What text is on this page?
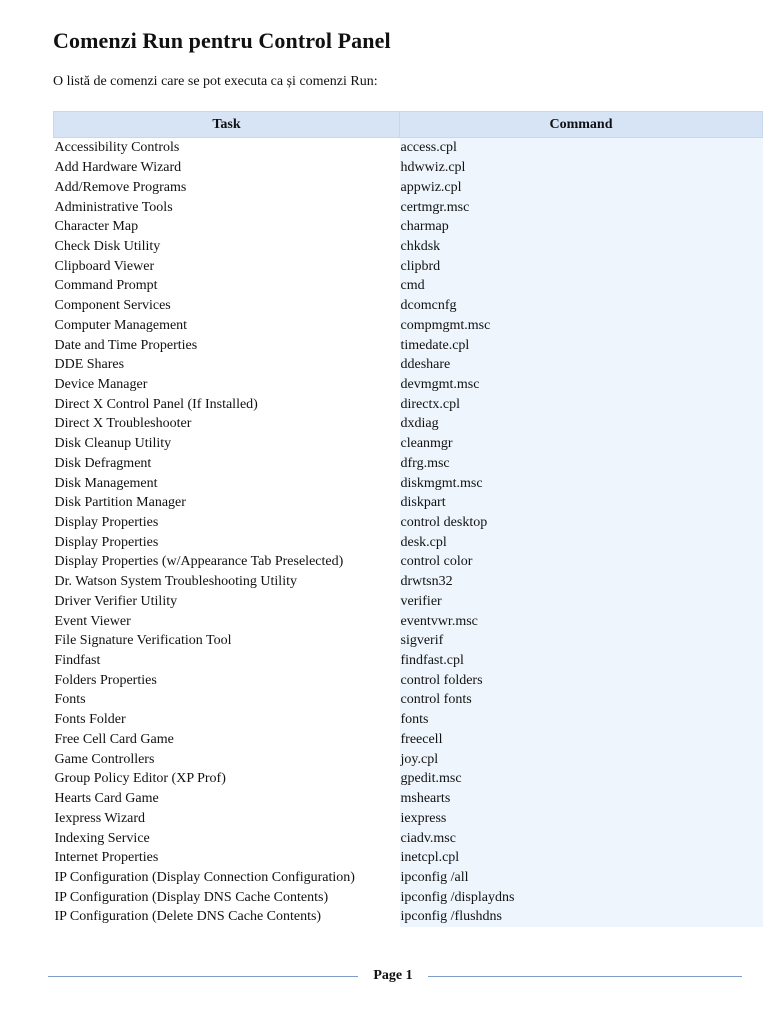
Comenzi Run pentru Control Panel

O listă de comenzi care se pot executa ca și comenzi Run:

Task	Command
Accessibility Controls	access.cpl
Add Hardware Wizard	hdwwiz.cpl
Add/Remove Programs	appwiz.cpl
Administrative Tools	certmgr.msc
Character Map	charmap
Check Disk Utility	chkdsk
Clipboard Viewer	clipbrd
Command Prompt	cmd
Component Services	dcomcnfg
Computer Management	compmgmt.msc
Date and Time Properties	timedate.cpl
DDE Shares	ddeshare
Device Manager	devmgmt.msc
Direct X Control Panel (If Installed)	directx.cpl
Direct X Troubleshooter	dxdiag
Disk Cleanup Utility	cleanmgr
Disk Defragment	dfrg.msc
Disk Management	diskmgmt.msc
Disk Partition Manager	diskpart
Display Properties	control desktop
Display Properties	desk.cpl
Display Properties (w/Appearance Tab Preselected)	control color
Dr. Watson System Troubleshooting Utility	drwtsn32
Driver Verifier Utility	verifier
Event Viewer	eventvwr.msc
File Signature Verification Tool	sigverif
Findfast	findfast.cpl
Folders Properties	control folders
Fonts	control fonts
Fonts Folder	fonts
Free Cell Card Game	freecell
Game Controllers	joy.cpl
Group Policy Editor (XP Prof)	gpedit.msc
Hearts Card Game	mshearts
Iexpress Wizard	iexpress
Indexing Service	ciadv.msc
Internet Properties	inetcpl.cpl
IP Configuration (Display Connection Configuration)	ipconfig /all
IP Configuration (Display DNS Cache Contents)	ipconfig /displaydns
IP Configuration (Delete DNS Cache Contents)	ipconfig /flushdns
Page 1
